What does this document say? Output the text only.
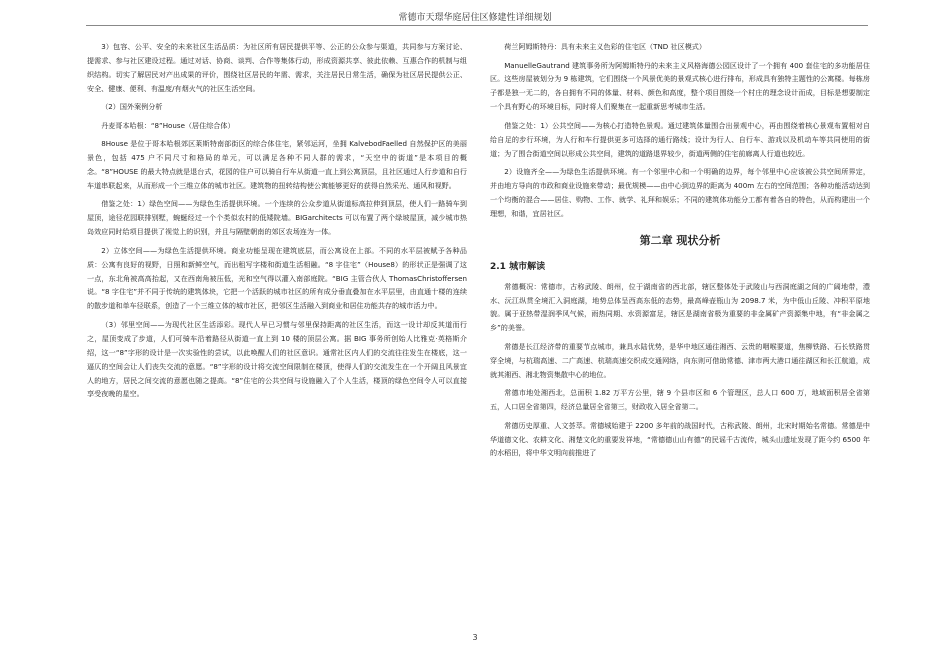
常德市天璟华庭居住区修建性详细规划

3）包容、公平、安全的未来社区生活品质：为社区所有居民提供平等、公正的公众参与渠道，共同参与方案讨论、提需求、参与社区建设过程。通过对话、协商、谈判、合作等集体行动，形成资源共享、彼此依赖、互惠合作的机制与组织结构。切实了解居民对产出成果的评价，围绕社区居民的年需、需求，关注居民日常生活，确保为社区居民提供公正、安全、健康、便利、有温度/有烟火气的社区生活空间。

（2）国外案例分析

丹麦哥本哈根：“8”House（居住综合体）

8House 是位于哥本哈根郊区莱斯特南部街区的综合体住宅，紧邻运河，坐拥 KalvebodFaelled 自然保护区的美丽景色，包括 475 户不同尺寸和格局的单元，可以满足各种不同人群的需求，“天空中的街道”是本项目的概念。“8”HOUSE 的最大特点就是退台式，花园的住户可以骑自行车从街道一直上到公寓顶层，且社区通过人行步道和自行车道串联起来，从而形成一个三维立体的城市社区。建筑物的扭转结构使公寓能够更好的获得自然采光、通风和视野。

借鉴之处：1）绿色空间——为绿色生活提供环境。一个连续的公众步道从街道标高拉伸到顶层，使人们一路骑车到屋顶，途径花园联排别墅，蜿蜒经过一个个类似农村的低矮院墙。BIGarchitects 可以布置了两个绿坡屋顶，减少城市热岛效应同时给项目提供了视觉上的识别，并且与隔壁朝南的郊区农场连为一体。

2）立体空间——为绿色生活提供环境。商业功能呈现在建筑底层，而公寓设在上部。不同的水平层被赋予各种品质：公寓有良好的视野，日照和新鲜空气，而出租写字楼和街道生活相融。“8 字住宅”（House8）的形状正是强调了这一点，东北角被高高抬起，又在西南角被压低，光和空气得以灌入南部庭院。“BIG 主管合伙人 ThomasChristoffersen 说。“8 字住宅”并不同于传统的建筑体块，它把一个活跃的城市社区的所有成分垂直叠加在水平层里，由直通十楼的连续的散步道和单车径联系，创造了一个三维立体的城市社区，把邻区生活融入到商业和居住功能共存的城市活力中。

（3）邻里空间——为现代社区生活添彩。现代人早已习惯与邻里保持距离的社区生活，而这一设计却反其道而行之，屋顶变成了步道，人们可骑车沿着路径从街道一直上到 10 楼的顶层公寓。据 BIG 事务所创始人比雅克·英格斯介绍，这一“8”字形的设计是一次实验性的尝试，以此唤醒人们的社区意识。通常社区内人们的交流往往发生在楼底，这一逼仄的空间会让人们丧失交流的意愿。“8”字形的设计将交流空间限制在楼顶，使得人们的交流发生在一个开阔且风景宜人的地方，居民之间交流的意愿也随之提高。“8”住宅的公共空间与设施融入了个人生活，楼顶的绿色空间令人可以直接享受夜晚的星空。

荷兰阿姆斯特丹：具有未来主义色彩的住宅区（TND 社区模式）

ManuelleGautrand 建筑事务所为阿姆斯特丹的未来主义风格海德公园区设计了一个拥有 400 套住宅的多功能居住区。这些房屋被划分为 9 栋建筑，它们围绕一个风景优美的景观式核心进行排布，形成具有独特主题性的公寓楼。每栋房子都是独一无二的，各自拥有不同的体量、材料、颜色和高度，整个项目围绕一个村庄的理念设计而成，目标是想要制定一个具有野心的环境目标，同时将人们聚集在一起重新思考城市生活。

借鉴之处：1）公共空间——为核心打造特色景观。通过建筑体量围合出景观中心，再由围绕着核心景观布置相对自给自足的步行环境，为人行和车行提供更多可选择的通行路线；设计为行人、自行车、游戏以及机动车等共同使用的街道；为了围合街道空间以形成公共空间，建筑的道路退界较少，街道两侧的住宅前廊离人行道也较近。

2）设施齐全——为绿色生活提供环境。有一个邻里中心和一个明确的边界，每个邻里中心应该被公共空间所界定，并由地方导向的市政和商业设施来带动；最优规模——由中心到边界的距离为 400m 左右的空间范围；各种功能活动达到一个均衡的混合——居住、购物、工作、就学、礼拜和娱乐；不同的建筑体功能分工都有着各自的特色，从而构建出一个理想，和谐，宜居社区。

第二章 现状分析
2.1 城市解读

常德概况：常德市，古称武陵、朗州，位于湖南省的西北部，辖区整体处于武陵山与西洞庭湖之间的广阔地带，澧水、沅江纵贯全境汇入洞庭湖，地势总体呈西高东低的态势，最高峰壶瓶山为 2098.7 米，为中低山丘陵、冲积平原地貌。属于亚热带湿润季风气候，雨热同期、水资源富足，辖区是湖南省极为重要的非金属矿产资源集中地，有“非金属之乡”的美誉。

常德是长江经济带的重要节点城市，兼具水陆优势，是华中地区通往湘西、云贵的咽喉要道，焦柳铁路、石长铁路贯穿全境，与杭瑞高速、二广高速、杭瑞高速交织成交通网络，向东则可借助常德、津市两大港口通往湖区和长江航道，成就其湘西、湘北物资集散中心的地位。

常德市地处湘西北，总面积 1.82 万平方公里，辖 9 个县市区和 6 个管理区，总人口 600 万，地域面积居全省第五，人口居全省第四，经济总量居全省第三，财政收入居全省第二。

常德历史厚重、人文荟萃。常德城始建于 2200 多年前的战国时代，古称武陵、朗州，北宋时期始名常德。常德是中华道德文化、农耕文化、湘楚文化的重要发祥地，“常德德山山有德”的民谣千古流传，城头山遗址发现了距今约 6500 年的水稻田，将中华文明向前推进了

3
